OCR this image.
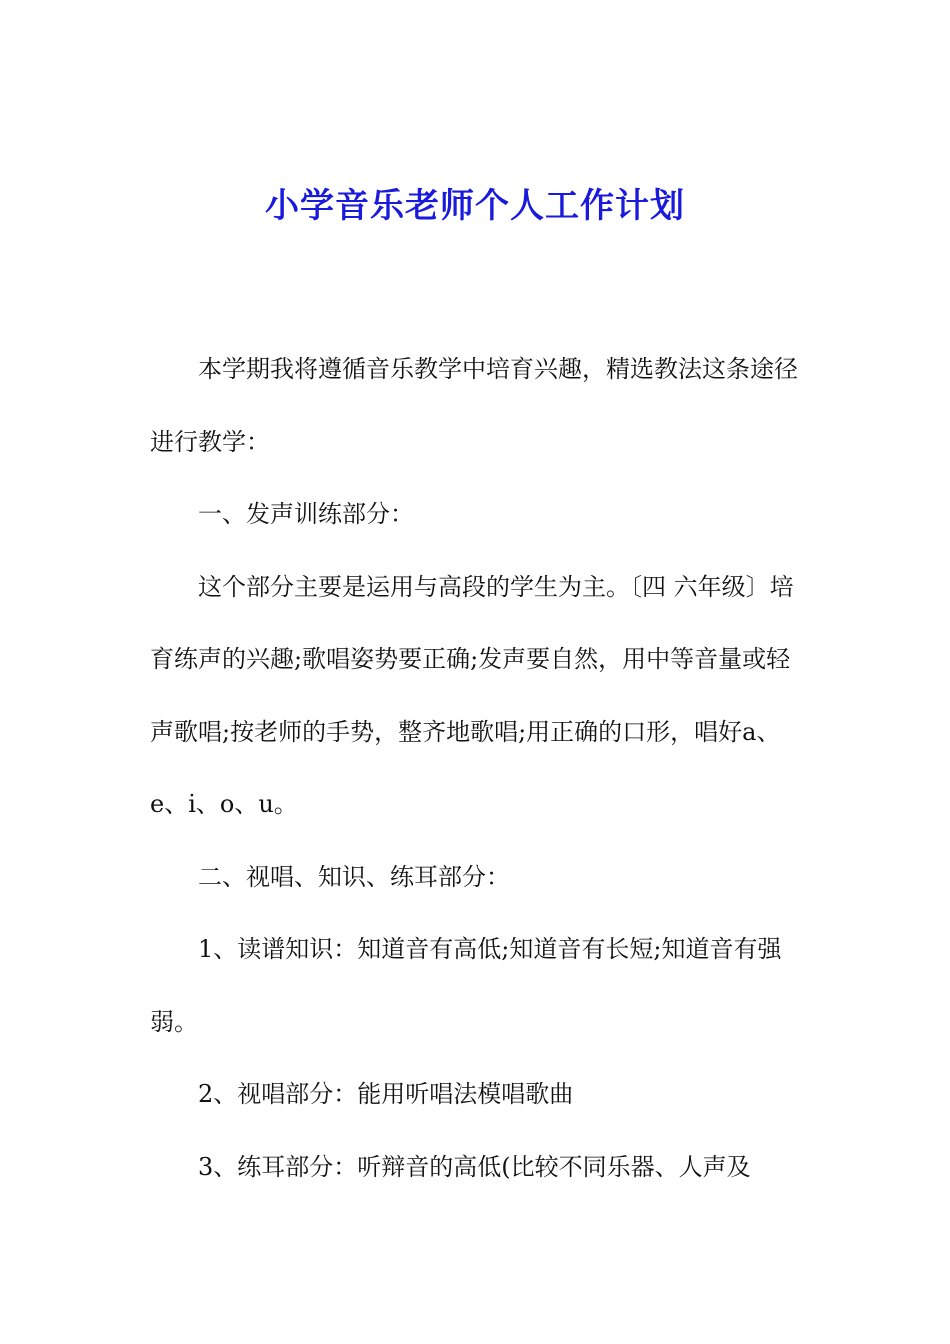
小学音乐老师个人工作计划

本学期我将遵循音乐教学中培育兴趣，精选教法这条途径进行教学：

一、发声训练部分：

这个部分主要是运用与高段的学生为主。〔四 六年级〕培育练声的兴趣;歌唱姿势要正确;发声要自然，用中等音量或轻声歌唱;按老师的手势，整齐地歌唱;用正确的口形，唱好a、e、i、o、u。

二、视唱、知识、练耳部分：

1、读谱知识：知道音有高低;知道音有长短;知道音有强弱。

2、视唱部分：能用听唱法模唱歌曲

3、练耳部分：听辩音的高低(比较不同乐器、人声及
